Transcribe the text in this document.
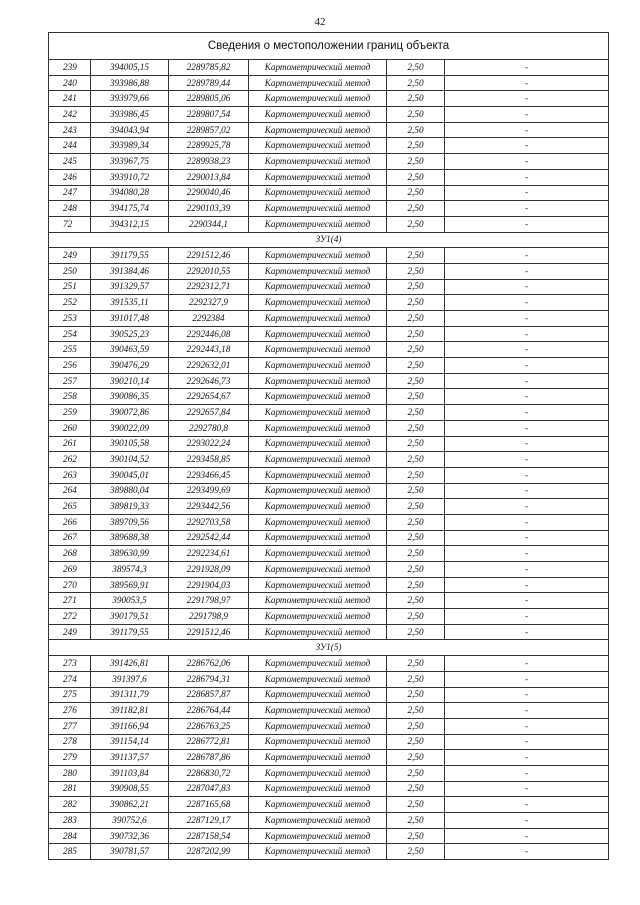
42
Сведения о местоположении границ объекта					
239	394005,15	2289785,82	Картометрический метод	2,50	-
240	393986,88	2289789,44	Картометрический метод	2,50	-
241	393979,66	2289805,06	Картометрический метод	2,50	-
242	393986,45	2289807,54	Картометрический метод	2,50	-
243	394043,94	2289857,02	Картометрический метод	2,50	-
244	393989,34	2289925,78	Картометрический метод	2,50	-
245	393967,75	2289938,23	Картометрический метод	2,50	-
246	393910,72	2290013,84	Картометрический метод	2,50	-
247	394080,28	2290040,46	Картометрический метод	2,50	-
248	394175,74	2290103,39	Картометрический метод	2,50	-
72	394312,15	2290344,1	Картометрический метод	2,50	-
ЗУ1(4)					
249	391179,55	2291512,46	Картометрический метод	2,50	-
250	391384,46	2292010,55	Картометрический метод	2,50	-
251	391329,57	2292312,71	Картометрический метод	2,50	-
252	391535,11	2292327,9	Картометрический метод	2,50	-
253	391017,48	2292384	Картометрический метод	2,50	-
254	390525,23	2292446,08	Картометрический метод	2,50	-
255	390463,59	2292443,18	Картометрический метод	2,50	-
256	390476,29	2292632,01	Картометрический метод	2,50	-
257	390210,14	2292646,73	Картометрический метод	2,50	-
258	390086,35	2292654,67	Картометрический метод	2,50	-
259	390072,86	2292657,84	Картометрический метод	2,50	-
260	390022,09	2292780,8	Картометрический метод	2,50	-
261	390105,58	2293022,24	Картометрический метод	2,50	-
262	390104,52	2293458,85	Картометрический метод	2,50	-
263	390045,01	2293466,45	Картометрический метод	2,50	-
264	389880,04	2293499,69	Картометрический метод	2,50	-
265	389819,33	2293442,56	Картометрический метод	2,50	-
266	389709,56	2292703,58	Картометрический метод	2,50	-
267	389688,38	2292542,44	Картометрический метод	2,50	-
268	389630,99	2292234,61	Картометрический метод	2,50	-
269	389574,3	2291928,09	Картометрический метод	2,50	-
270	389569,91	2291904,03	Картометрический метод	2,50	-
271	390053,5	2291798,97	Картометрический метод	2,50	-
272	390179,51	2291798,9	Картометрический метод	2,50	-
249	391179,55	2291512,46	Картометрический метод	2,50	-
ЗУ1(5)					
273	391426,81	2286762,06	Картометрический метод	2,50	-
274	391397,6	2286794,31	Картометрический метод	2,50	-
275	391311,79	2286857,87	Картометрический метод	2,50	-
276	391182,81	2286764,44	Картометрический метод	2,50	-
277	391166,94	2286763,25	Картометрический метод	2,50	-
278	391154,14	2286772,81	Картометрический метод	2,50	-
279	391137,57	2286787,86	Картометрический метод	2,50	-
280	391103,84	2286830,72	Картометрический метод	2,50	-
281	390908,55	2287047,83	Картометрический метод	2,50	-
282	390862,21	2287165,68	Картометрический метод	2,50	-
283	390752,6	2287129,17	Картометрический метод	2,50	-
284	390732,36	2287158,54	Картометрический метод	2,50	-
285	390781,57	2287202,99	Картометрический метод	2,50	-
